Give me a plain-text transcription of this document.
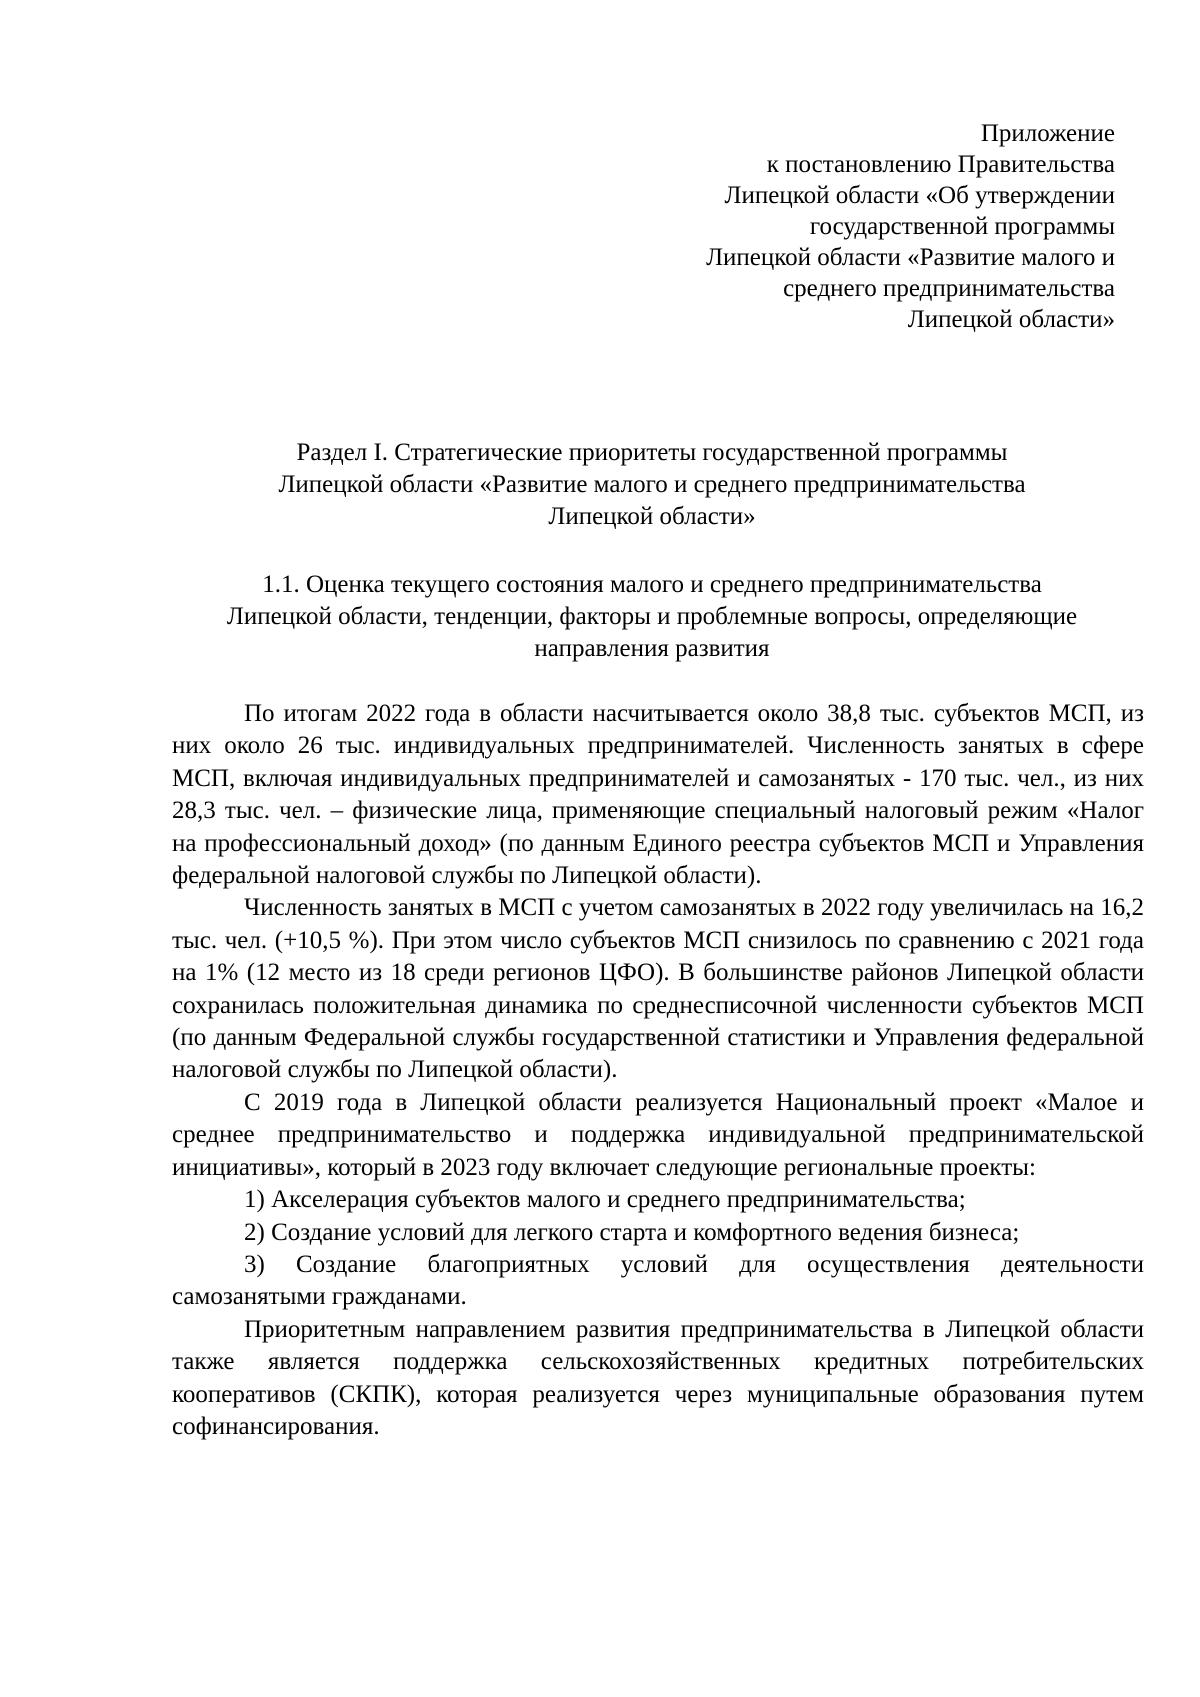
Приложение
к постановлению Правительства
Липецкой области «Об утверждении
государственной программы
Липецкой области «Развитие малого и
среднего предпринимательства
Липецкой области»
Раздел I. Стратегические приоритеты государственной программы
Липецкой области «Развитие малого и среднего предпринимательства
Липецкой области»
1.1. Оценка текущего состояния малого и среднего предпринимательства
Липецкой области, тенденции, факторы и проблемные вопросы, определяющие
направления развития

По итогам 2022 года в области насчитывается около 38,8 тыс. субъектов МСП, из них около 26 тыс. индивидуальных предпринимателей. Численность занятых в сфере МСП, включая индивидуальных предпринимателей и самозанятых - 170 тыс. чел., из них 28,3 тыс. чел. – физические лица, применяющие специальный налоговый режим «Налог на профессиональный доход» (по данным Единого реестра субъектов МСП и Управления федеральной налоговой службы по Липецкой области).

Численность занятых в МСП с учетом самозанятых в 2022 году увеличилась на 16,2 тыс. чел. (+10,5 %). При этом число субъектов МСП снизилось по сравнению с 2021 года на 1% (12 место из 18 среди регионов ЦФО). В большинстве районов Липецкой области сохранилась положительная динамика по среднесписочной численности субъектов МСП (по данным Федеральной службы государственной статистики и Управления федеральной налоговой службы по Липецкой области).

С 2019 года в Липецкой области реализуется Национальный проект «Малое и среднее предпринимательство и поддержка индивидуальной предпринимательской инициативы», который в 2023 году включает следующие региональные проекты:

1) Акселерация субъектов малого и среднего предпринимательства;

2) Создание условий для легкого старта и комфортного ведения бизнеса;

3) Создание благоприятных условий для осуществления деятельности самозанятыми гражданами.

Приоритетным направлением развития предпринимательства в Липецкой области также является поддержка сельскохозяйственных кредитных потребительских кооперативов (СКПК), которая реализуется через муниципальные образования путем софинансирования.
